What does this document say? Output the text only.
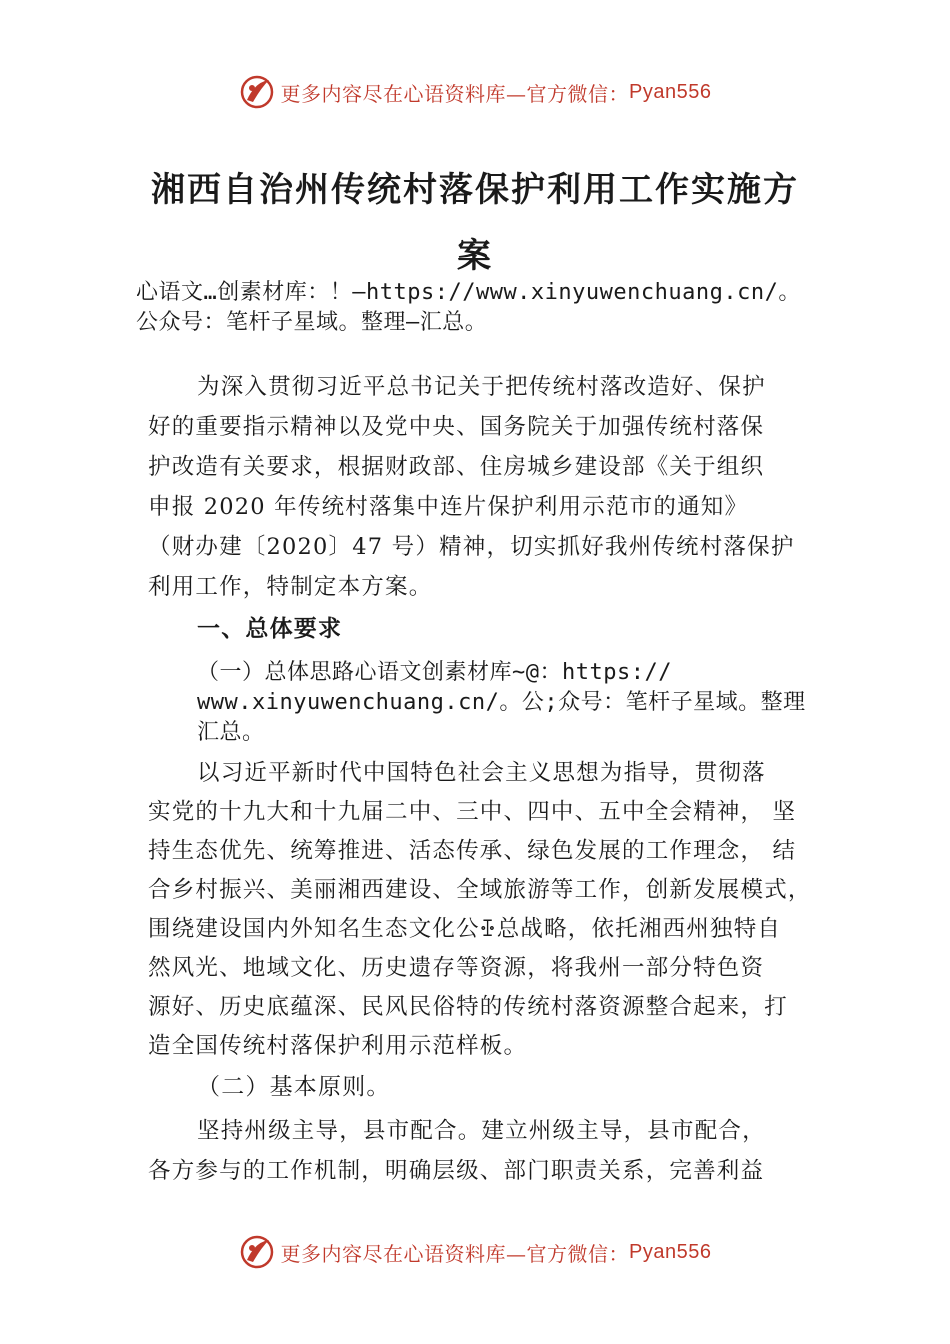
更多内容尽在心语资料库—官方微信： Pyan556
湘西自治州传统村落保护利用工作实施方
案
心语文…创素材库：！—https://www.xinyuwenchuang.cn/。
公众号：笔杆子星域。整理—汇总。
为深入贯彻习近平总书记关于把传统村落改造好、保护
好的重要指示精神以及党中央、国务院关于加强传统村落保
护改造有关要求，根据财政部、住房城乡建设部《关于组织
申报 2020 年传统村落集中连片保护利用示范市的通知》
（财办建〔2020〕47 号）精神，切实抓好我州传统村落保护
利用工作，特制定本方案。
一、总体要求
（一）总体思路心语文创素材库~@：https://
www.xinyuwenchuang.cn/。公;众号：笔杆子星域。整理
汇总。
以习近平新时代中国特色社会主义思想为指导，贯彻落
实党的十九大和十九届二中、三中、四中、五中全会精神， 坚
持生态优先、统筹推进、活态传承、绿色发展的工作理念， 结
合乡村振兴、美丽湘西建设、全域旅游等工作，创新发展模式，
围绕建设国内外知名生态文化公ꔀ总战略，依托湘西州独特自
然风光、地域文化、历史遗存等资源，将我州一部分特色资
源好、历史底蕴深、民风民俗特的传统村落资源整合起来，打
造全国传统村落保护利用示范样板。
（二）基本原则。
坚持州级主导，县市配合。建立州级主导，县市配合，
各方参与的工作机制，明确层级、部门职责关系，完善利益
更多内容尽在心语资料库—官方微信： Pyan556
